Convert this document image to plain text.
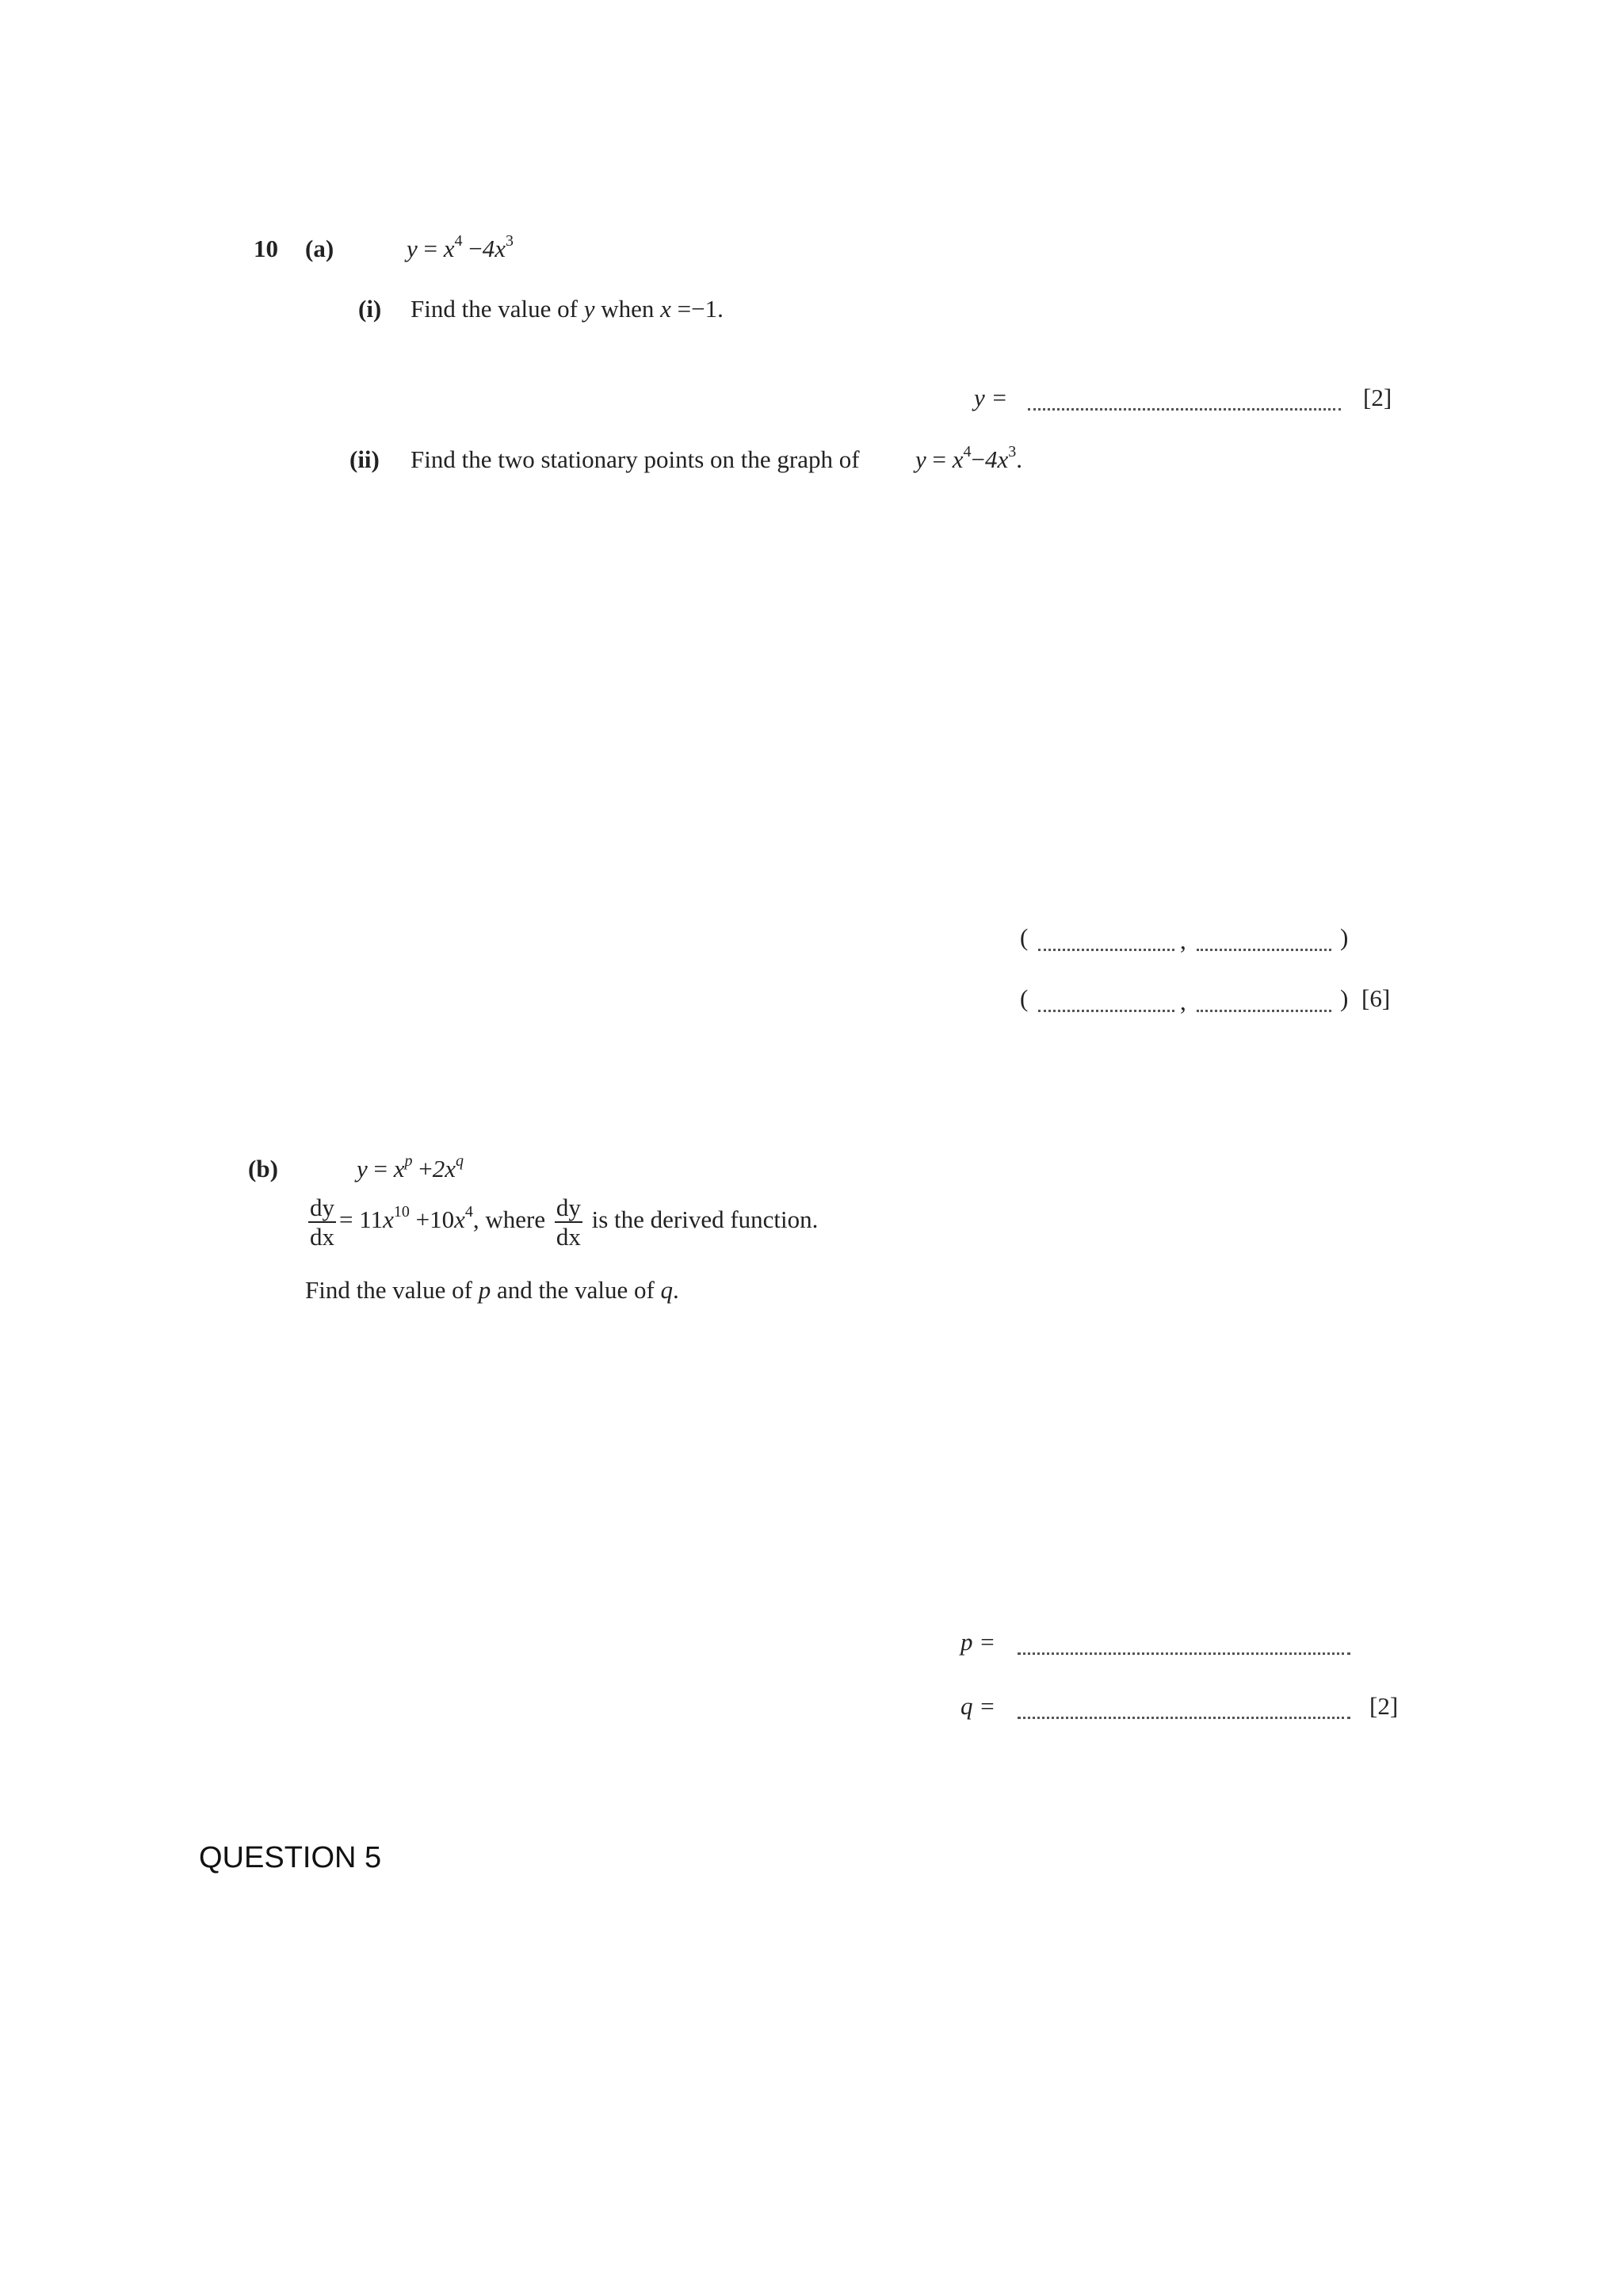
10 (a)	$y = x^4 -4x^3$
(i) Find the value of y when x =−1.
y =	[2]
(ii) Find the two stationary points on the graph of $y = x^4-4x^3$.
(	,	)
(	,	) [6]
(b)	$y = x^p +2x^q$
$\frac{dy}{dx} = 11x^{10} +10x^4$, where $\frac{dy}{dx}$ is the derived function.
Find the value of p and the value of q.
p =
q =	[2]
QUESTION 5
